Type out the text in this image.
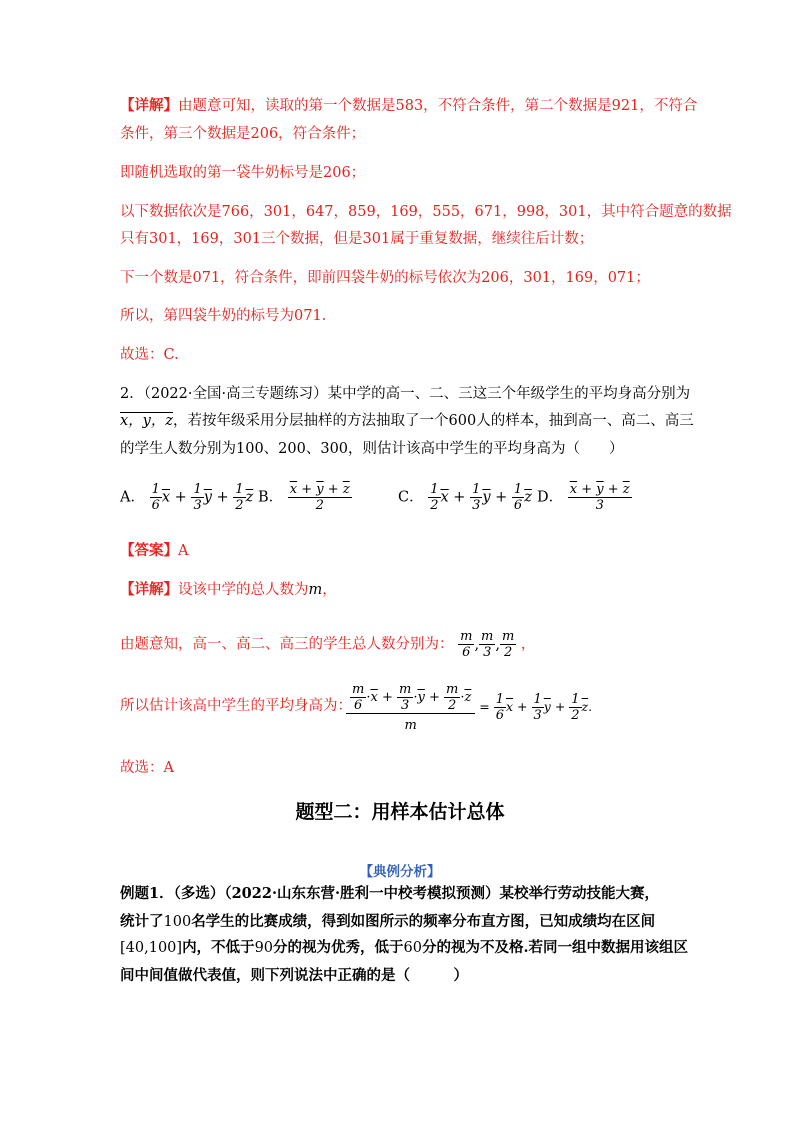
【详解】由题意可知，读取的第一个数据是583，不符合条件，第二个数据是921，不符合
条件，第三个数据是206，符合条件；
即随机选取的第一袋牛奶标号是206；
以下数据依次是766，301，647，859，169，555，671，998，301，其中符合题意的数据
只有301，169，301三个数据，但是301属于重复数据，继续往后计数；
下一个数是071，符合条件，即前四袋牛奶的标号依次为206，301，169，071；
所以，第四袋牛奶的标号为071.
故选：C.
2．（2022·全国·高三专题练习）某中学的高一、二、三这三个年级学生的平均身高分别为
x，y，z，若按年级采用分层抽样的方法抽取了一个600人的样本，抽到高一、高二、高三
的学生人数分别为100、200、300，则估计该高中学生的平均身高为（　　）
A． $\frac{1}{6} \overline{x} + \frac{1}{3} \overline{y} + \frac{1}{2} \overline{z}$ B． $\frac{\overline{x} + \overline{y} + \overline{z}}{2}$	C． $\frac{1}{2} \overline{x} + \frac{1}{3} \overline{y} + \frac{1}{6} \overline{z}$ D． $\frac{\overline{x} + \overline{y} + \overline{z}}{3}$
【答案】A
【详解】设该中学的总人数为m，
由题意知，高一、高二、高三的学生总人数分别为： $\frac{m}{6}$ , $\frac{m}{3}$ , $\frac{m}{2}$ ，
所以估计该高中学生的平均身高为：
$\frac{\frac{m}{6} \cdot\overline{x} + \frac{m}{3} \cdot\overline{y} + \frac{m}{2} \cdot\overline{z}}{m} = \frac{1}{6} \overline{x} + \frac{1}{3} \overline{y} + \frac{1}{2} \overline{z}$.
故选：A
题型二：用样本估计总体
【典例分析】
例题1．（多选）（2022·山东东营·胜利一中校考模拟预测）某校举行劳动技能大赛，
统计了100名学生的比赛成绩，得到如图所示的频率分布直方图，已知成绩均在区间
[40,100]内，不低于90分的视为优秀，低于60分的视为不及格.若同一组中数据用该组区
间中间值做代表值，则下列说法中正确的是（　　　）
